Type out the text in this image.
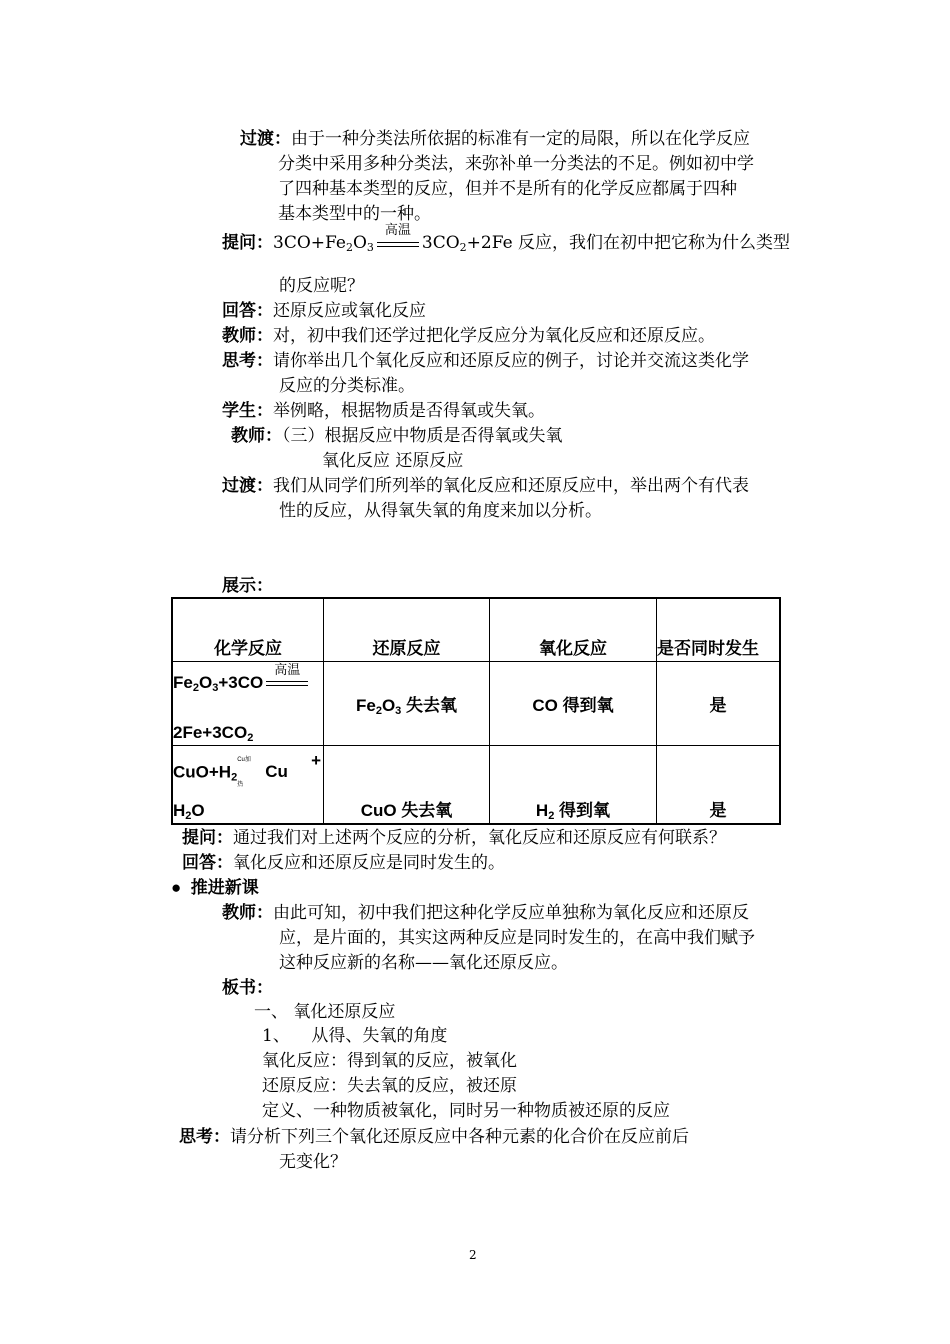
过渡：由于一种分类法所依据的标准有一定的局限，所以在化学反应
分类中采用多种分类法，来弥补单一分类法的不足。例如初中学
了四种基本类型的反应，但并不是所有的化学反应都属于四种
基本类型中的一种。
提问：$3CO+Fe_2O_3$
高温
$3CO_2+2Fe$ 反应，我们在初中把它称为什么类型
的反应呢？
回答：还原反应或氧化反应
教师：对，初中我们还学过把化学反应分为氧化反应和还原反应。
思考：请你举出几个氧化反应和还原反应的例子，讨论并交流这类化学
反应的分类标准。
学生：举例略，根据物质是否得氧或失氧。
教师：（三）根据反应中物质是否得氧或失氧
氧化反应 还原反应
过渡：我们从同学们所列举的氧化反应和还原反应中，举出两个有代表
性的反应，从得氧失氧的角度来加以分析。
展示：
化学反应	还原反应	氧化反应	是否同时发生
$Fe_2O_3+3CO$
高温

$2Fe+3CO_2$	$Fe_2O_3$ 失去氧	CO 得到氧	是

$CuO+H_2Cu$加热Cu
+
$H_2O$	CuO 失去氧	$H_2$ 得到氧	是
提问：通过我们对上述两个反应的分析，氧化反应和还原反应有何联系？
回答：氧化反应和还原反应是同时发生的。
● 推进新课
教师：由此可知，初中我们把这种化学反应单独称为氧化反应和还原反
应，是片面的，其实这两种反应是同时发生的，在高中我们赋予
这种反应新的名称——氧化还原反应。
板书：
一、 氧化还原反应
1、    从得、失氧的角度
氧化反应：得到氧的反应，被氧化
还原反应：失去氧的反应，被还原
定义、一种物质被氧化，同时另一种物质被还原的反应
思考：请分析下列三个氧化还原反应中各种元素的化合价在反应前后
无变化？
2
